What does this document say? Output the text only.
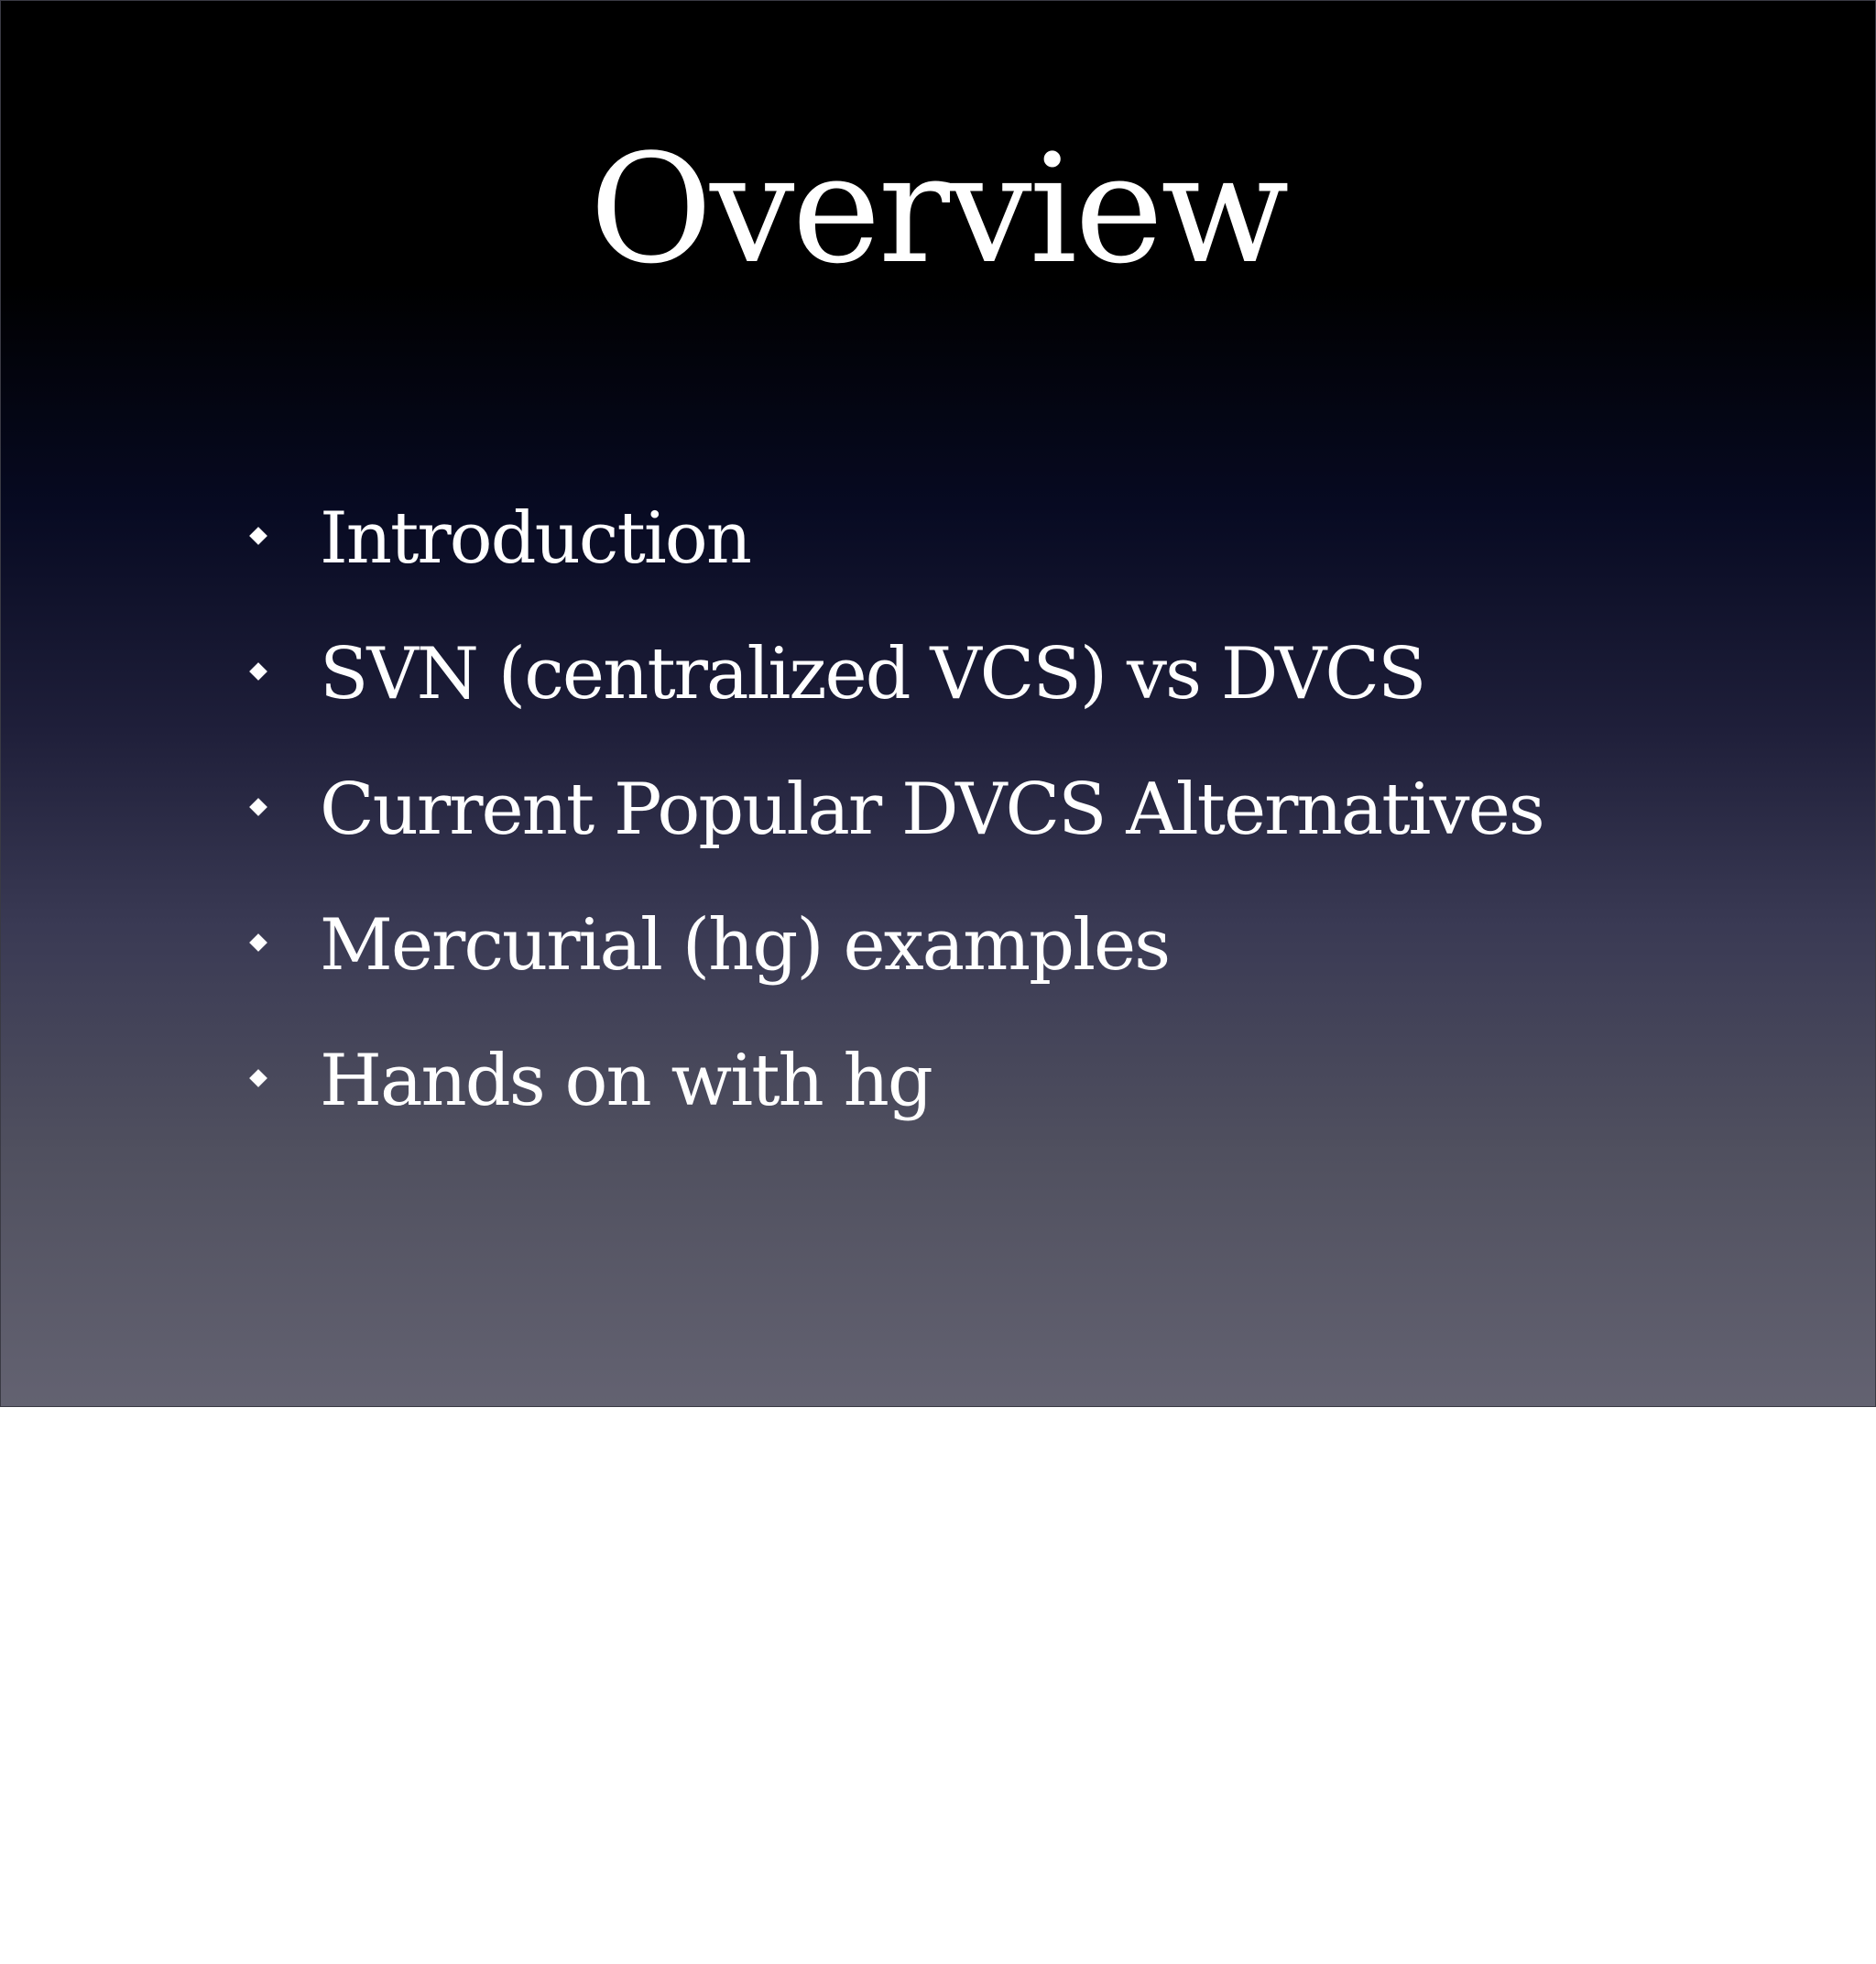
Overview
Introduction
SVN (centralized VCS) vs DVCS
Current Popular DVCS Alternatives
Mercurial (hg) examples
Hands on with hg
